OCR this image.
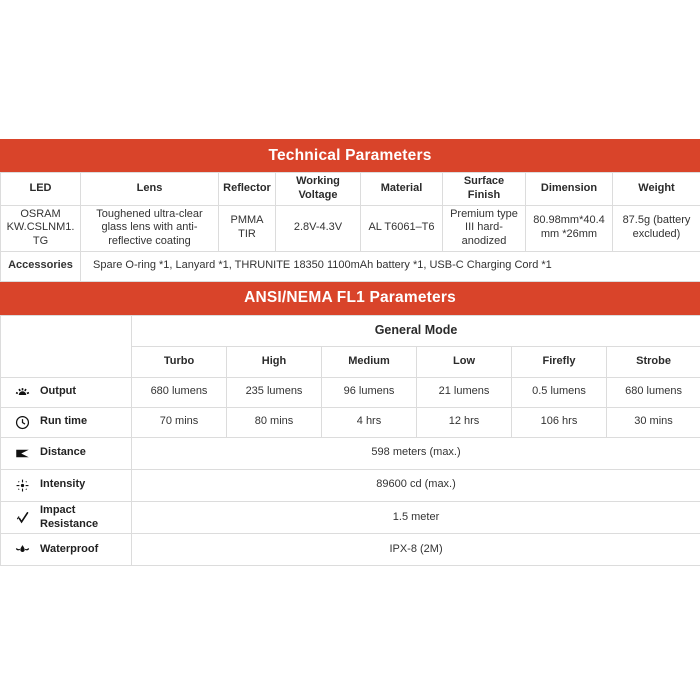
Technical Parameters
LED	Lens	Reflector	Working Voltage	Material	Surface Finish	Dimension	Weight
OSRAM KW.CSLNM1.TG	Toughened ultra-clear glass lens with anti-reflective coating	PMMA TIR	2.8V-4.3V	AL T6061–T6	Premium type III hard-anodized	80.98mm*40.4mm *26mm	87.5g (battery excluded)
Accessories	Spare O-ring *1, Lanyard *1, THRUNITE 18350 1100mAh battery *1, USB-C Charging Cord *1						
ANSI/NEMA FL1 Parameters
	General Mode					
	Turbo	High	Medium	Low	Firefly	Strobe

Output	680 lumens	235 lumens	96 lumens	21 lumens	0.5 lumens	680 lumens

Run time	70 mins	80 mins	4 hrs	12 hrs	106 hrs	30 mins

Distance	598 meters (max.)					

Intensity	89600 cd (max.)					

Impact Resistance	1.5 meter					

Waterproof	IPX-8 (2M)					
